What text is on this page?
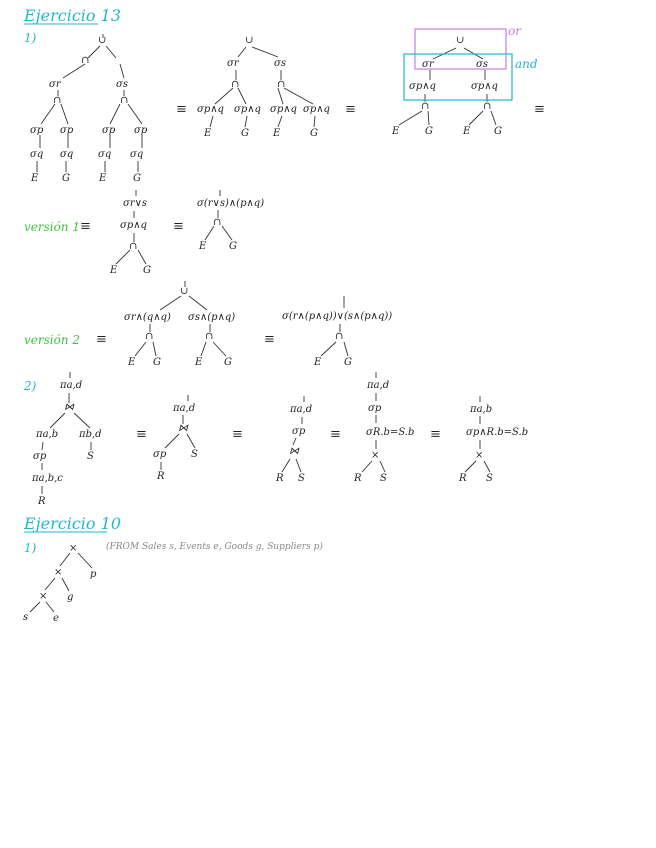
Ejercicio 13
1)	∪
∩
σr	σs
∩	∩
σp σp	σp σp
σq σq σq σq
E G	E	G
≡
∪
σr	σs
∩	∩
σp∧q σp∧q σp∧q σp∧q
E	G E	G
≡
∪
σr	σs
σp∧q	σp∧q
∩	∩
E	G	E G
or
and
≡
versión 1 ≡
σr∨s
σp∧q
∩
E	G
≡
σ(r∨s)∧(p∧q)
∩
E G
versión 2 ≡
∪
σr∧(q∧q) σs∧(p∧q)
∩	∩
E G	E G
≡
σ(r∧(p∧q))∨(s∧(p∧q))
∩
E G
2) πa,d
⋈
πa,b πb,d
σp	S
πa,b,c
R
≡
πa,d
⋈
σp S
R
≡
πa,d
σp
⋈
R S
≡
πa,d
σp
σR.b=S.b
×
R S
≡
πa,b
σp∧R.b=S.b
×
R S
Ejercicio 10
1)	×
p
×
g
×
s e
(FROM Sales s, Events e, Goods g, Suppliers p)
